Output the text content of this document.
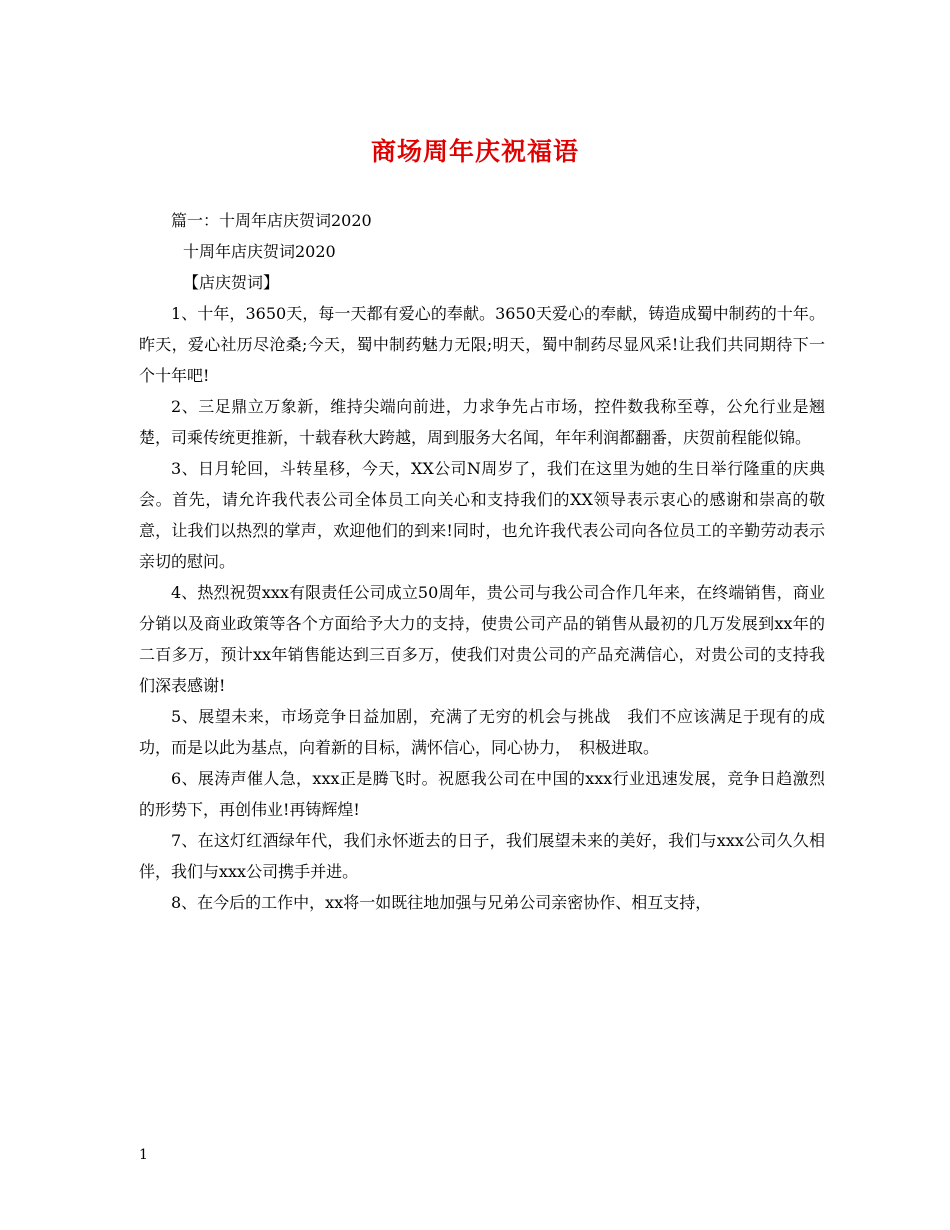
商场周年庆祝福语
篇一：十周年店庆贺词2020
十周年店庆贺词2020
【店庆贺词】

1、十年，3650天，每一天都有爱心的奉献。3650天爱心的奉献，铸造成蜀中制药的十年。昨天，爱心社历尽沧桑;今天，蜀中制药魅力无限;明天，蜀中制药尽显风采!让我们共同期待下一个十年吧!

2、三足鼎立万象新，维持尖端向前进，力求争先占市场，控件数我称至尊，公允行业是翘楚，司乘传统更推新，十载春秋大跨越，周到服务大名闻，年年利润都翻番，庆贺前程能似锦。

3、日月轮回，斗转星移，今天，XX公司N周岁了，我们在这里为她的生日举行隆重的庆典会。首先，请允许我代表公司全体员工向关心和支持我们的XX领导表示衷心的感谢和崇高的敬意，让我们以热烈的掌声，欢迎他们的到来!同时，也允许我代表公司向各位员工的辛勤劳动表示亲切的慰问。

4、热烈祝贺xxx有限责任公司成立50周年，贵公司与我公司合作几年来，在终端销售，商业分销以及商业政策等各个方面给予大力的支持，使贵公司产品的销售从最初的几万发展到xx年的二百多万，预计xx年销售能达到三百多万，使我们对贵公司的产品充满信心，对贵公司的支持我们深表感谢!

5、展望未来，市场竞争日益加剧，充满了无穷的机会与挑战　我们不应该满足于现有的成功，而是以此为基点，向着新的目标，满怀信心，同心协力，　积极进取。

6、展涛声催人急，xxx正是腾飞时。祝愿我公司在中国的xxx行业迅速发展，竞争日趋激烈的形势下，再创伟业!再铸辉煌!

7、在这灯红酒绿年代，我们永怀逝去的日子，我们展望未来的美好，我们与xxx公司久久相伴，我们与xxx公司携手并进。

8、在今后的工作中，xx将一如既往地加强与兄弟公司亲密协作、相互支持，

1
